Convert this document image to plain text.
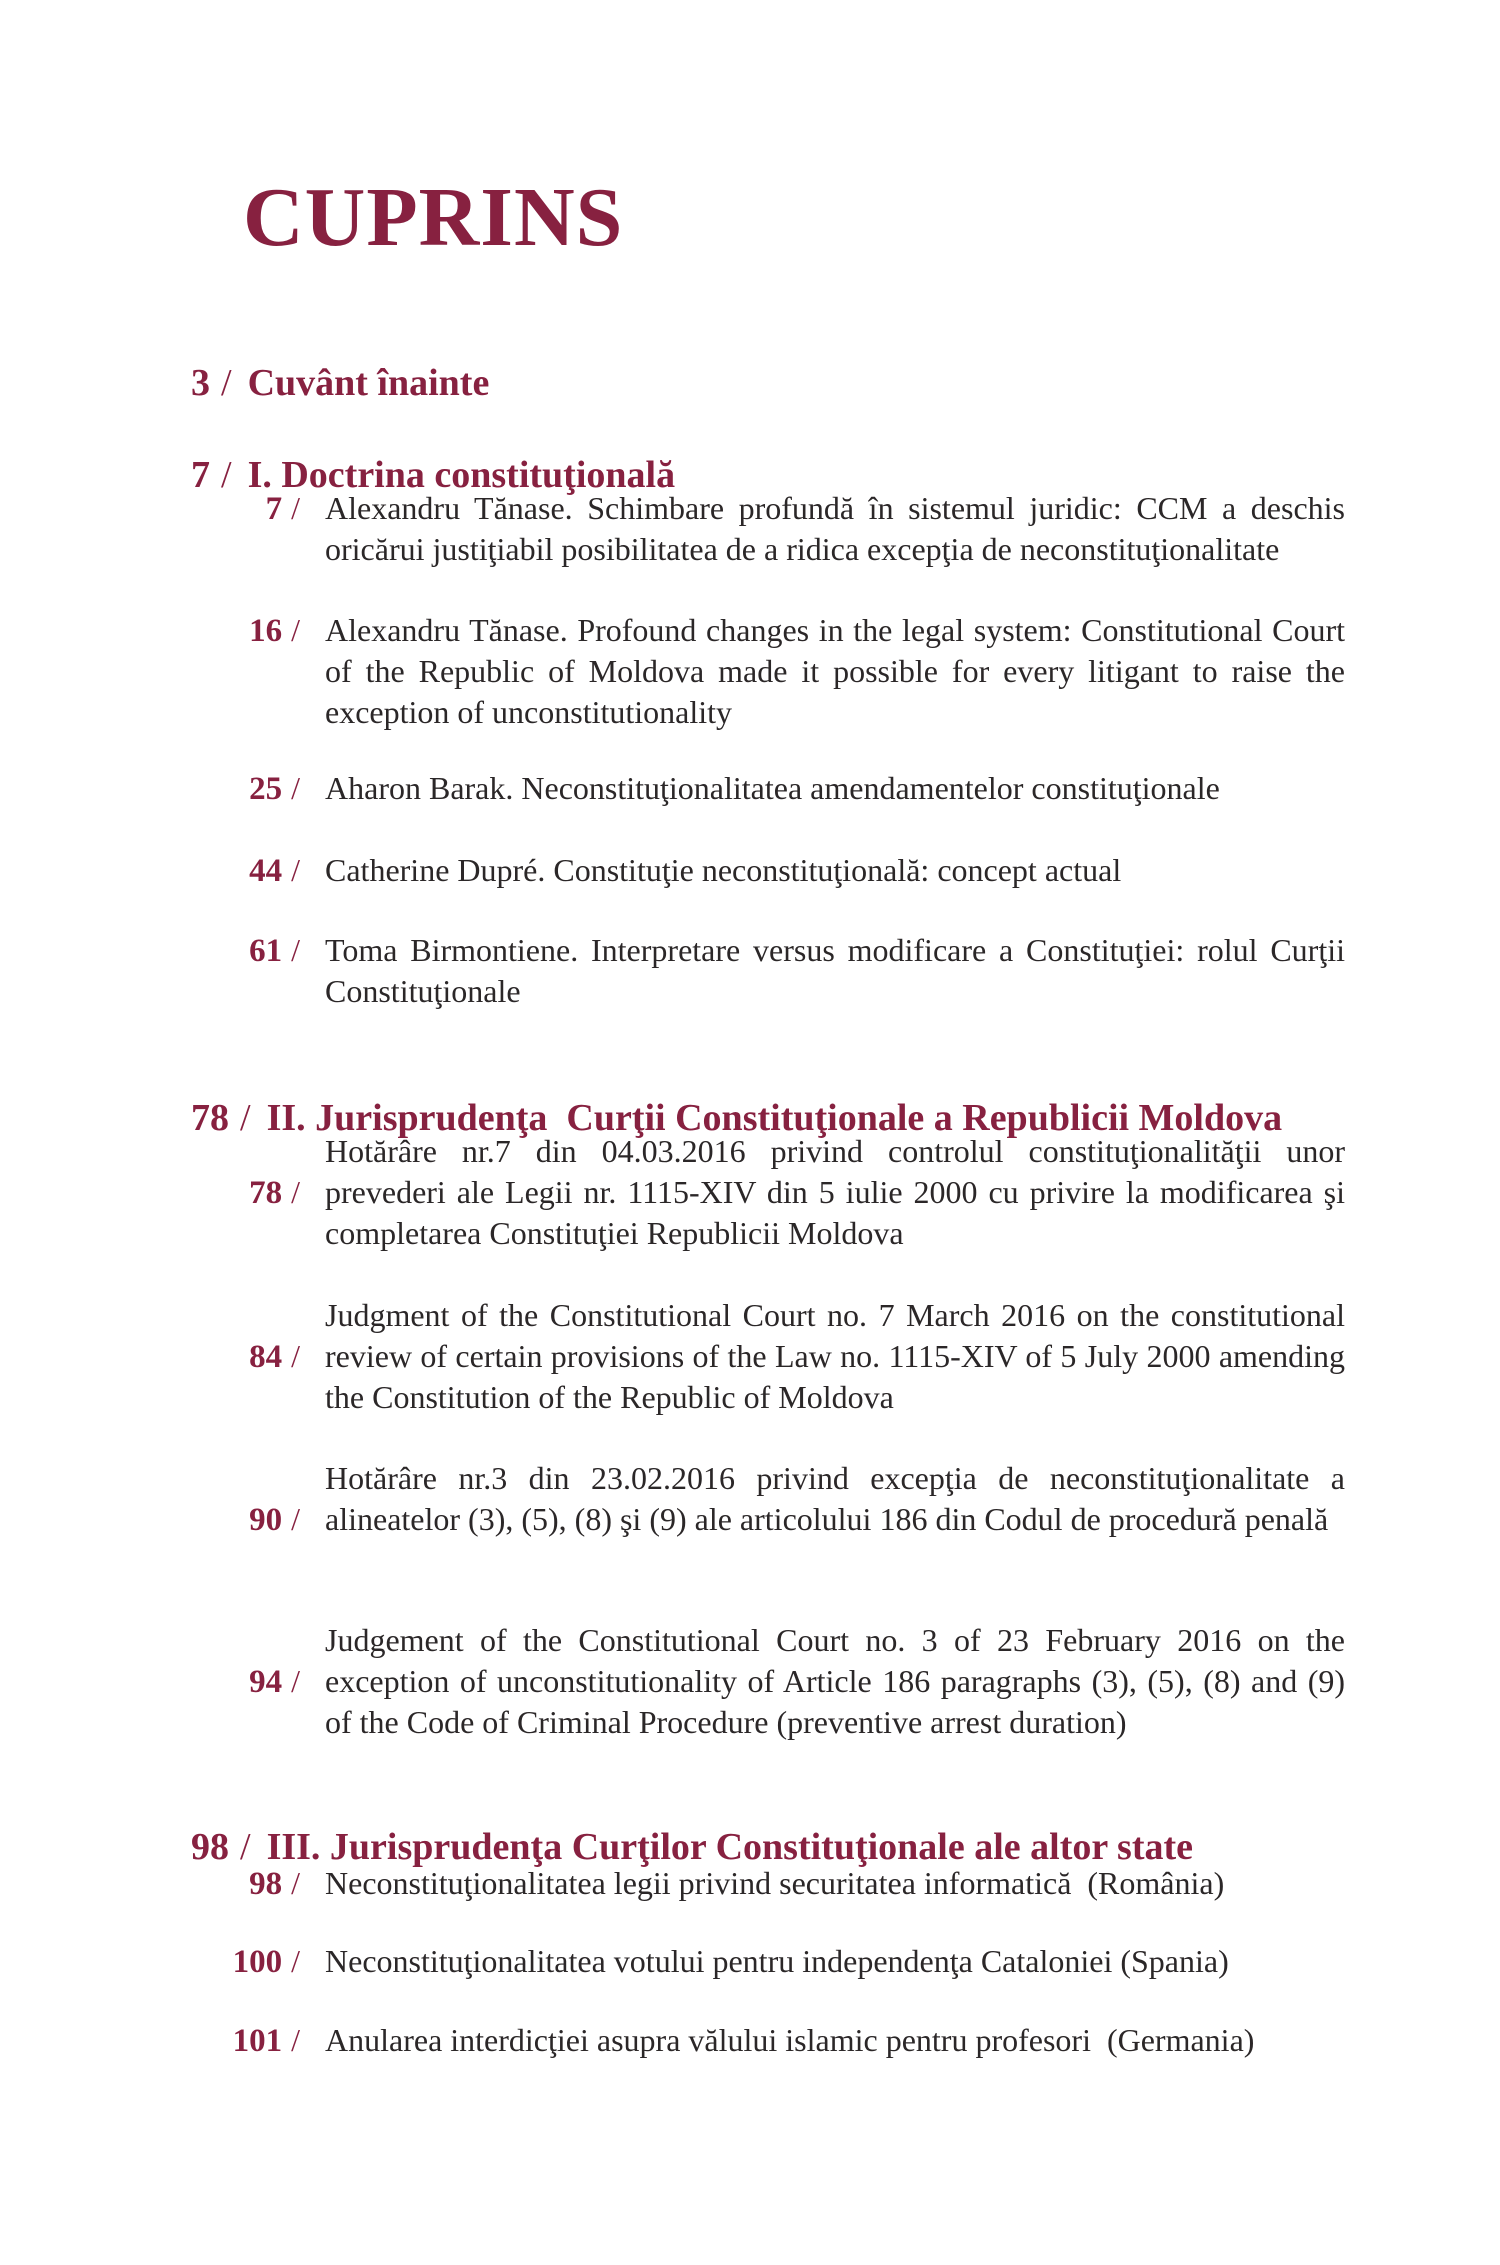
CUPRINS

3 / Cuvânt înainte

7 / I. Doctrina constituţională

7 / Alexandru Tănase. Schimbare profundă în sistemul juridic: CCM a deschis oricărui justiţiabil posibilitatea de a ridica excepţia de neconstituţionalitate
16 / Alexandru Tănase. Profound changes in the legal system: Constitutional Court of the Republic of Moldova made it possible for every litigant to raise the exception of unconstitutionality
25 / Aharon Barak. Neconstituţionalitatea amendamentelor constituţionale
44 / Catherine Dupré. Constituţie neconstituţională: concept actual
61 / Toma Birmontiene. Interpretare versus modificare a Constituţiei: rolul Curţii Constituţionale

78 / II. Jurisprudenţa  Curţii Constituţionale a Republicii Moldova

78 /
Hotărâre nr.7 din 04.03.2016 privind controlul constituţionalităţii unor prevederi ale Legii nr. 1115-XIV din 5 iulie 2000 cu privire la modificarea şi completarea Constituţiei Republicii Moldova
84 /
Judgment of the Constitutional Court no. 7 March 2016 on the constitutional review of certain provisions of the Law no. 1115-XIV of 5 July 2000 amending the Constitution of the Republic of Moldova
90 /
Hotărâre nr.3 din 23.02.2016 privind excepţia de neconstituţionalitate a alineatelor (3), (5), (8) şi (9) ale articolului 186 din Codul de procedură penală
94 /
Judgement of the Constitutional Court no. 3 of 23 February 2016 on the exception of unconstitutionality of Article 186 paragraphs (3), (5), (8) and (9) of the Code of Criminal Procedure (preventive arrest duration)

98 / III. Jurisprudenţa Curţilor Constituţionale ale altor state

98 / Neconstituţionalitatea legii privind securitatea informatică  (România)
100 / Neconstituţionalitatea votului pentru independenţa Cataloniei (Spania)
101 / Anularea interdicţiei asupra vălului islamic pentru profesori  (Germania)
